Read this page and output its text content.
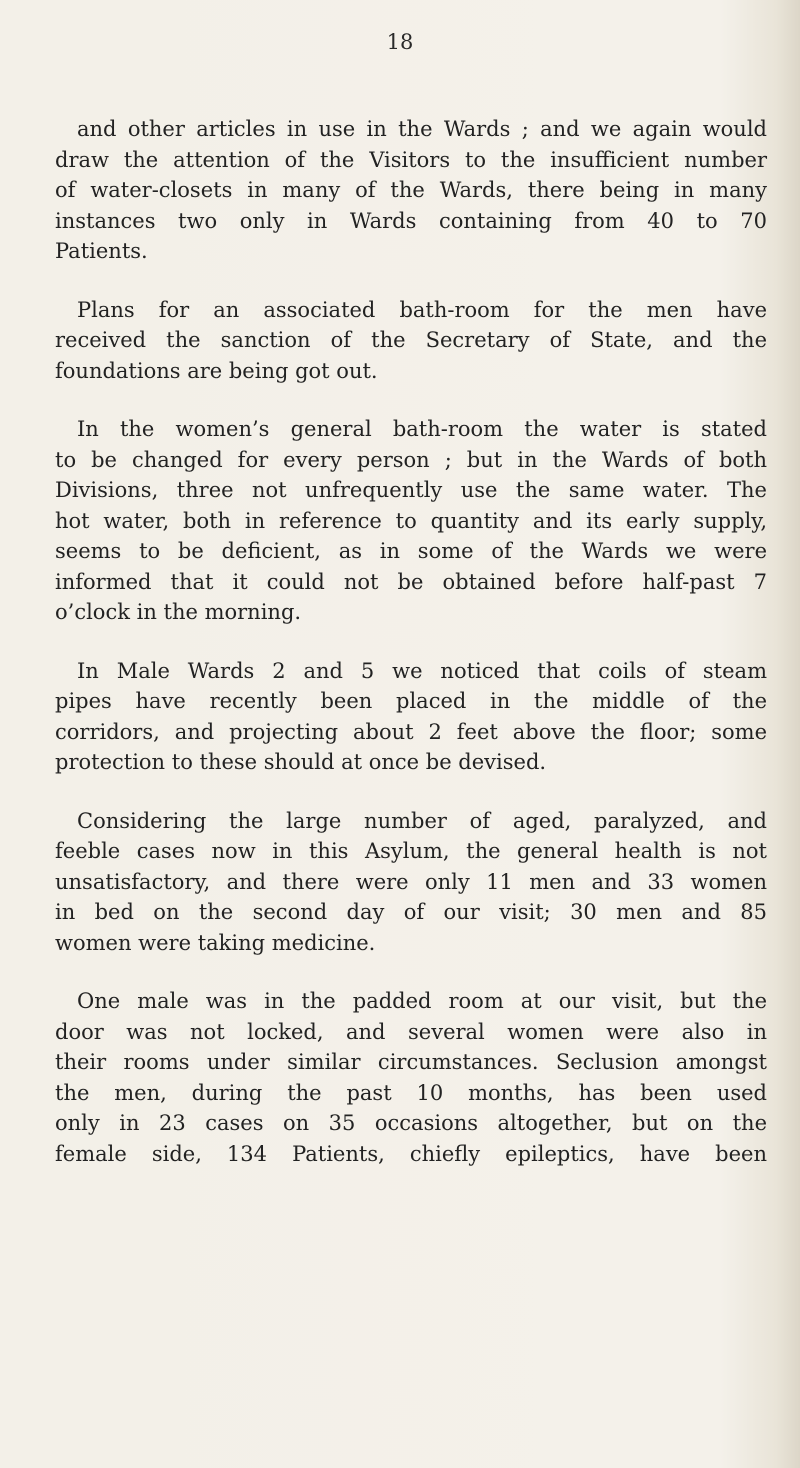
18
and other articles in use in the Wards ; and we again would
draw the attention of the Visitors to the insufficient number
of water-closets in many of the Wards, there being in many
instances two only in Wards containing from 40 to 70
Patients.
Plans for an associated bath-room for the men have
received the sanction of the Secretary of State, and the
foundations are being got out.
In the women’s general bath-room the water is stated
to be changed for every person ; but in the Wards of both
Divisions, three not unfrequently use the same water. The
hot water, both in reference to quantity and its early supply,
seems to be deficient, as in some of the Wards we were
informed that it could not be obtained before half-past 7
o’clock in the morning.
In Male Wards 2 and 5 we noticed that coils of steam
pipes have recently been placed in the middle of the
corridors, and projecting about 2 feet above the floor; some
protection to these should at once be devised.
Considering the large number of aged, paralyzed, and
feeble cases now in this Asylum, the general health is not
unsatisfactory, and there were only 11 men and 33 women
in bed on the second day of our visit; 30 men and 85
women were taking medicine.
One male was in the padded room at our visit, but the
door was not locked, and several women were also in
their rooms under similar circumstances. Seclusion amongst
the men, during the past 10 months, has been used
only in 23 cases on 35 occasions altogether, but on the
female side, 134 Patients, chiefly epileptics, have been
